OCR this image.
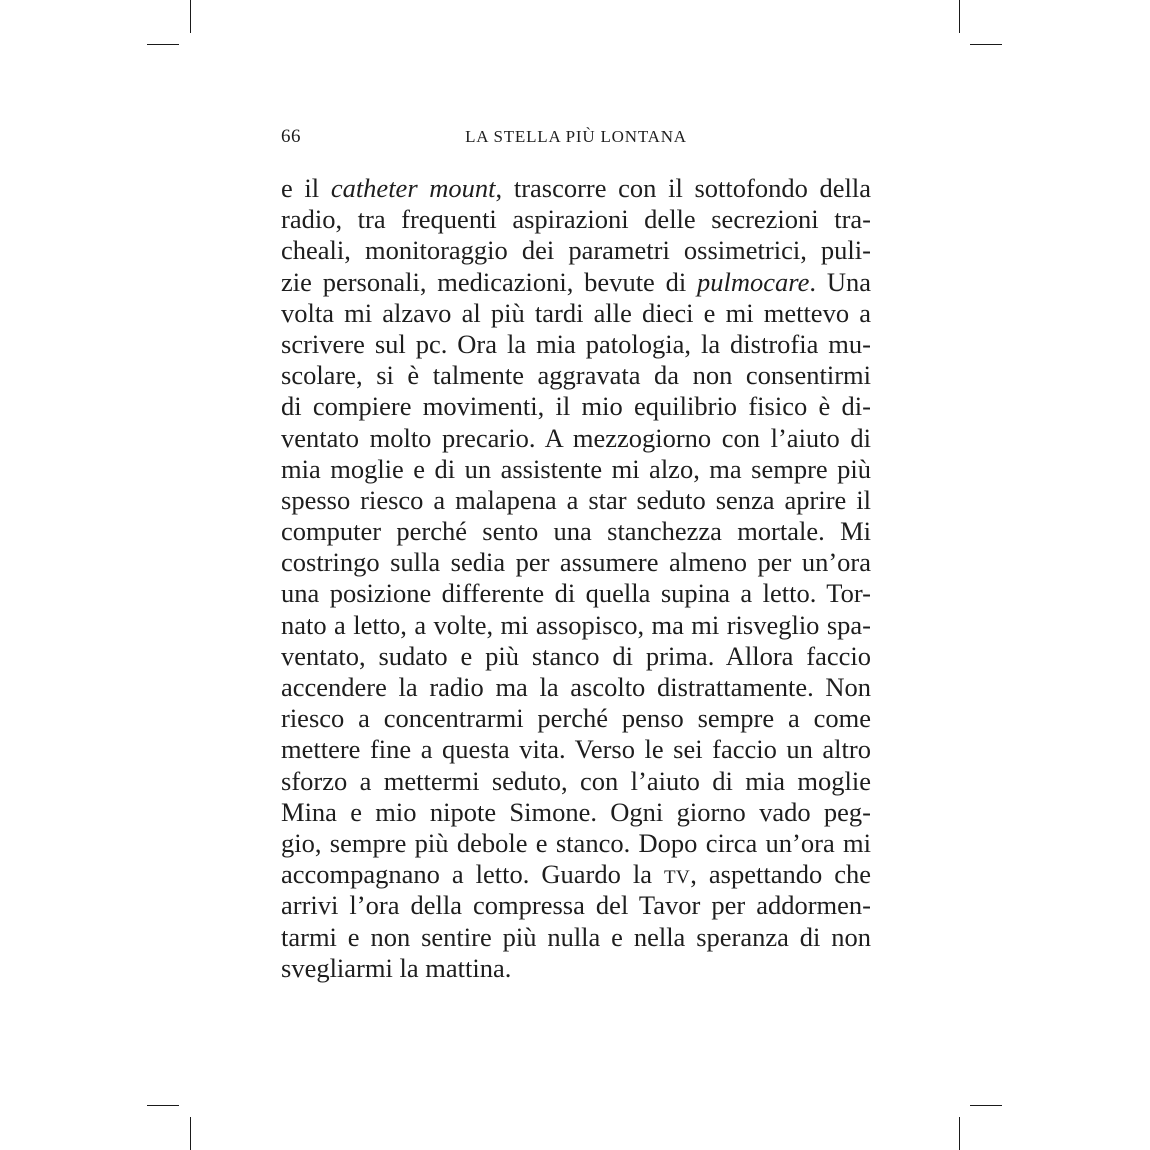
66	LA STELLA PIÙ LONTANA
e il catheter mount, trascorre con il sottofondo della
radio, tra frequenti aspirazioni delle secrezioni tra-
cheali, monitoraggio dei parametri ossimetrici, puli-
zie personali, medicazioni, bevute di pulmocare. Una
volta mi alzavo al più tardi alle dieci e mi mettevo a
scrivere sul pc. Ora la mia patologia, la distrofia mu-
scolare, si è talmente aggravata da non consentirmi
di compiere movimenti, il mio equilibrio fisico è di-
ventato molto precario. A mezzogiorno con l’aiuto di
mia moglie e di un assistente mi alzo, ma sempre più
spesso riesco a malapena a star seduto senza aprire il
computer perché sento una stanchezza mortale. Mi
costringo sulla sedia per assumere almeno per un’ora
una posizione differente di quella supina a letto. Tor-
nato a letto, a volte, mi assopisco, ma mi risveglio spa-
ventato, sudato e più stanco di prima. Allora faccio
accendere la radio ma la ascolto distrattamente. Non
riesco a concentrarmi perché penso sempre a come
mettere fine a questa vita. Verso le sei faccio un altro
sforzo a mettermi seduto, con l’aiuto di mia moglie
Mina e mio nipote Simone. Ogni giorno vado peg-
gio, sempre più debole e stanco. Dopo circa un’ora mi
accompagnano a letto. Guardo la TV, aspettando che
arrivi l’ora della compressa del Tavor per addormen-
tarmi e non sentire più nulla e nella speranza di non
svegliarmi la mattina.
